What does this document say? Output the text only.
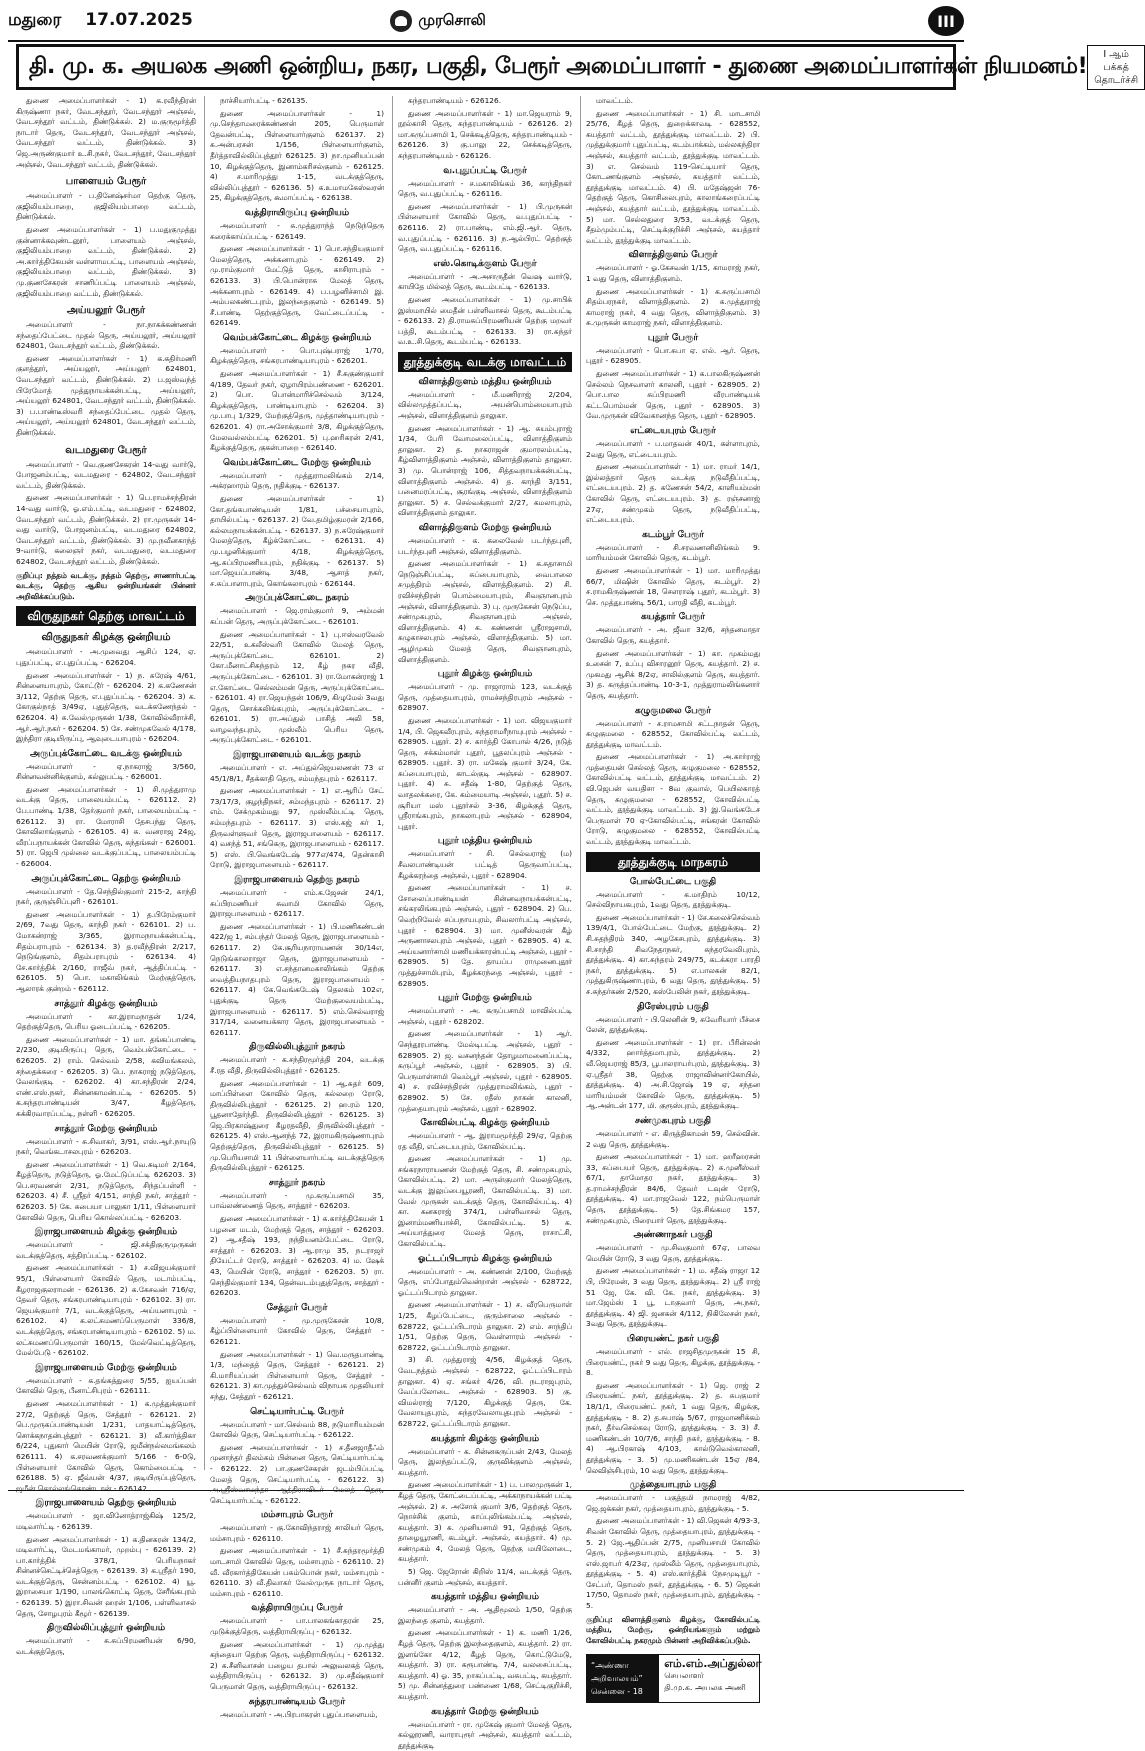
மதுரை 17.07.2025	முரசொலி	III
தி. மு. க. அயலக அணி ஒன்றிய, நகர, பகுதி, பேரூர் அமைப்பாளர் - துணை அமைப்பாளர்கள் நியமனம்!	I ஆம் பக்கத்
தொடர்ச்சி

துணை அமைப்பாளர்கள் - 1) க.ரவீந்திரன் கிருஷ்ணா நகர், வேடசந்தூர், வேடசந்தூர் அஞ்சல், வேடசந்தூர் வட்டம், திண்டுக்கல். 2) ம.குருமூர்த்தி நாடார் தெரு, வேடசந்தூர், வேடசந்தூர் அஞ்சல், வேடசந்தூர் வட்டம், திண்டுக்கல். 3) ஜெ.அருண்குமார் உ.சி.நகர், வேடசந்தூர், வேடசந்தூர் அஞ்சல், வேடசந்தூர் வட்டம், திண்டுக்கல்.

பாளையம் பேரூர்

அமைப்பாளர் - ப.தினேஷ்சர்மா தெற்கு தெரு, குஜிலியம்பாறை, குஜிலியம்பாறை வட்டம், திண்டுக்கல்.

துணை அமைப்பாளர்கள் - 1) ப.மதுகுமுத்து குன்னாக்கவுண்டனூர், பாளையம் அஞ்சல், குஜிலியம்பாறை வட்டம், திண்டுக்கல். 2) அ.கார்த்திகேயன் வள்ளாமபட்டி, பாளையம் அஞ்சல், குஜிலியம்பாறை வட்டம், திண்டுக்கல். 3) மு.குணசேகரன் சாணிப்பட்டி பாளையம் அஞ்சல், குஜிலியம்பாறை வட்டம், திண்டுக்கல்.

அய்யலூர் பேரூர்

அமைப்பாளர் - நா.நாகக்கண்ணன் சந்தைப்பேட்டை முதல் தெரு, அய்யலூர், அய்யலூர் 624801, வேடசந்தூர் வட்டம், திண்டுக்கல்.

துணை அமைப்பாளர்கள் - 1) க.கதிர்மணி குளத்தூர், அய்யலூர், அய்யலூர் 624801, வேடசந்தூர் வட்டம், திண்டுக்கல். 2) ப.ஜஸ்வந்த் பிரேமோத் முத்துநாயக்கன்பட்டி, அய்யலூர், அய்யலூர் 624801, வேடசந்தூர் வட்டம், திண்டுக்கல். 3) ப.பாண்டீஸ்வரி சந்தைப்பேட்டை முதல் தெரு, அய்யலூர், அய்யலூர் 624801, வேடசந்தூர் வட்டம், திண்டுக்கல்.

வடமதுரை பேரூர்

அமைப்பாளர் - வெ.குணசேகரன் 14-வது வார்டு, போஜனம்பட்டி, வடமதுரை - 624802, வேடசந்தூர் வட்டம், திண்டுக்கல்.

துணை அமைப்பாளர்கள் - 1) பெ.ராமச்சந்திரன் 14-வது வார்டு, ஓ.எம்.பட்டி, வடமதுரை - 624802, வேடசந்தூர் வட்டம், திண்டுக்கல். 2) ரா.முருகன் 14-வது வார்டு, போஜனம்பட்டி, வடமதுரை 624802, வேடசந்தூர் வட்டம், திண்டுக்கல். 3) மு.நவீனகாந்த் 9-வார்டு, கலைஞர் நகர், வடமதுரை, வடமதுரை 624802, வேடசந்தூர் வட்டம், திண்டுக்கல்.

குறிப்பு: நத்தம் வடக்கு, நத்தம் தெற்கு, சாணார்பட்டி வடக்கு, தெற்கு ஆகிய ஒன்றியங்கள் பின்னர் அறிவிக்கப்படும்.
விருதுநகர் தெற்கு மாவட்டம்
விருதுநகர் கிழக்கு ஒன்றியம்

அமைப்பாளர் - அ.முவைது ஆசிப் 124, ஏ. புதுப்பட்டி, எ.புதுப்பட்டி - 626204.

துணை அமைப்பாளர்கள் - 1) ந. சுரேஷ் 4/61, சின்னையாபுரம், கோட்டூர் - 626204. 2) க.கணேசன் 3/112, தெற்கு தெரு, எ.புதுப்பட்டி - 626204. 3) க. கோகுல்நாத் 3/49ஏ, புதுத்தெரு, வடக்கணேந்தல் - 626204. 4) சு.வேல்முருகன் 1/38, கோவில்வீராச்சி, ஆர்.ஆர்.நகர் - 626204. 5) சே. சண்முகவேல் 4/178, இந்திரா குடியிருப்பு, ஆவுடையாபுரம் - 626204.

அருப்புக்கோட்டை வடக்கு ஒன்றியம்

அமைப்பாளர் - ஏ.நாகராஜ் 3/560, சின்னவன்னிக்குளம், கல்லுபட்டி - 626001.

துணை அமைப்பாளர்கள் - 1) சி.முத்துராமு வடக்கு தெரு, பாலையம்பட்டி - 626112. 2) பே.பாண்டி 1/38, தேர்குமார் நகர், பாலையம்பட்டி - 626112. 3) ரா. மோராசி தேசபந்து தெரு, கோவிலாங்குளம் - 626105. 4) சு. வனராஜ 24ஜ, வீரப்பநாயக்கன் கோவில் தெரு, சுந்தங்கள் - 626001. 5) ரா. ஜெபி முல்லை வடக்குப்பட்டி, பாலையம்பட்டி - 626004.

அருப்புக்கோட்டை தெற்கு ஒன்றியம்

அமைப்பாளர் - தே.செந்தில்குமார் 215-2, காந்தி நகர், குருஞ்சிப்புளி - 626101.

துணை அமைப்பாளர்கள் - 1) த.பிரேம்குமார் 2/69, 7வது தெரு, காந்தி நகர் - 626101. 2) ப. மோகன்ராஜ் 3/365, இராமநாயக்கன்பட்டி, சிதம்பராபுரம் - 626134. 3) த.ரவீந்திரன் 2/217, நெடுங்குளம், சிதம்பராபுரம் - 626134. 4) சே.கார்த்திக் 2/160, ராஜீவ் நகர், ஆத்திப்பட்டி - 626105. 5) பொ. மகாலிங்கம் மேற்குத்தெரு, ஆலாரக் குன்றம் - 626112.

சாத்தூர் கிழக்கு ஒன்றியம்

அமைப்பாளர் - கா.இராமநாதன் 1/24, தெற்குத்தெரு, பெரிய ஓடைப்பட்டி - 626205.

துணை அமைப்பாளர்கள் - 1) மா. தங்கப்பாண்டி 2/230, குடியிருப்பு தெரு, வெம்பக்கோட்டை - 626205. 2) ராம். செல்வம் 2/58, கவிமங்கலம், சந்தைக்கரை - 626205. 3) பெ. நாகராஜ் நடுத்தெரு, வேலங்குடி - 626202. 4) கா.சந்திரன் 2/24, எண்.எஸ்.நகர், சின்னகாமன்பட்டி - 626205. 5) க.சுந்தரபாண்டியன் 3/47, கீழத்தெரு, சுக்கிரவாரப்பட்டி, நள்ளி - 626205.

சாத்தூர் மேற்கு ஒன்றியம்

அமைப்பாளர் - சு.சிவாகர், 3/91, எஸ்.ஆர்.நாயுடு நகர், வெங்கடாசலபுரம் - 626203.

துணை அமைப்பாளர்கள் - 1) வெ.சுடிமர் 2/164, கீழத்தெரு, நடுத்தெரு, ஓ.மேட்டுப்பட்டி 626203. 3) பெ.சரவணன் 2/31, நடுத்தெரு, சிந்தப்பள்ளி - 626203. 4) சீ. ஸ்ரீதர் 4/151, சாந்தி நகர், சாத்தூர் - 626203. 5) கே. சுபையா பாலுகா 1/11, பிள்ளையார் கோவில் தெரு, பெரிய கொல்லப்பட்டி - 626203.

இராஜபாளையம் கிழக்கு ஒன்றியம்

அமைப்பாளர் - ஜி.சக்திகுருமுருகன் வடக்குத்தெரு, சத்திரப்பட்டி - 626102.

துணை அமைப்பாளர்கள் - 1) ச.விஜயக்குமார் 95/1, பிள்ளையார் கோவில் தெரு, மடாம்பட்டி, கீழராஜகுலராமன் - 626136. 2) க.கேசவன் 716/ஏ, தேவர் தெரு, சங்கரபாண்டியாபுரம் - 626102. 3) ரா. ஜெயக்குமார் 7/1, வடக்குத்தெரு, அய்யனாபுரம் - 626102. 4) க.லட்சுமணப்பெருமாள் 336/8, வடக்குத்தெரு, சங்கரபாண்டியாபுரம் - 626102. 5) ம. லட்சுமணப்பெருமாள் 160/15, மேல்வெட்டித்தெரு, மேல்பேடு - 626102.

இராஜபாளையம் மேற்கு ஒன்றியம்

அமைப்பாளர் - க.தங்கத்துரை 5/55, ஐயப்பன் கோவில் தெரு, பீனாட்சிபுரம் - 626111.

துணை அமைப்பாளர்கள் - 1) க.முத்துக்குமார் 27/2, தெற்குத் தெரு, சேத்தூர் - 626121. 2) பெ.முருகப்பாண்டியன் 1/231, பாதயாட்டித்தெரு, சொக்கநாதன்புத்தூர் - 626121. 3) வீ.கார்த்திகா 6/224, புதுகார் மெயின் ரோடு, ஜமீன்நல்லமங்கலம் 626111. 4) க.சரவணக்குமார் 5/166 - 6-0டு, பிள்ளையார் கோவில் தெரு, கொம்மைபட்டி - 626188. 5) ஏ. ஜீவ்யன் 4/37, குடியிருப்புத்தெரு, ஜமீன் கொல்லங்கொண்டான் - 626142.

இராஜபாளையம் தெற்கு ஒன்றியம்

அமைப்பாளர் - ஜா.வினோத்ராஜ்கிஷ் 125/2, மடிவார்ட்டி - 626139.

துணை அமைப்பாளர்கள் - 1) க.தினகரன் 134/2, மடிவார்ட்டி, மேடமங்காமர், முறம்பு - 626139. 2) பா.கார்த்திக் 378/1, பெரியநாகர் சின்னச்செட்டிச்செத்தெரு - 626139. 3) க.ஸ்ரீதர் 190, வடக்குத்தெரு, சென்னம்பட்டி - 626102. 4) யூ. இராசையா 1/190, பாலங்கொட்டி தெரு, சேரீங்கபுரம் - 626139. 5) இரா.சிவன் ஹரன் 1/106, பள்ளிவாசல் தெரு, சோழபுரம் கீழூர் - 626139.

திருவில்லிப்புத்தூர் ஒன்றியம்

அமைப்பாளர் - சு.சுப்பிரமணியன் 6/90, வடக்குத்தெரு,

நாச்சியார்பட்டி - 626135.

துணை அமைப்பாளர்கள் - 1) மு.செந்தாமரைக்கண்ணன் 205, பெருமாள் தேவன்பட்டி, பிள்ளையார்குளம் 626137. 2) சு.அன்பரசன் 1/156, பிள்ளையார்குளம், தீர்த்தாவில்லிப்புத்தூர் 626125. 3) நா.முனியப்பன் 10, கிழக்குத்தெரு, இனாம்கரிசல்குளம் - 626125. 4) ச.மாரிமுத்து 1-15, வடக்குத்தெரு, வில்லிப்புத்தூர் - 626136. 5) க.உமாமகேஸ்வரன் 25, கிழக்குத்தெரு, கூமாப்பட்டி - 626138.

வத்திராயிருப்பு ஒன்றியம்

அமைப்பாளர் - சு.முத்துராந்த் நெடுந்தெரு சுரைக்காய்ப்பட்டி - 626149.

துணை அமைப்பாளர்கள் - 1) பொ.சந்தியகுமார் மேலத்தெரு, அக்கனாபுரம் - 626149. 2) மு.ராம்குமார் மேட்டுத் தெரு, காசிராபுரம் - 626133. 3) பி.பொன்ராசு மேலத் தெரு, அக்கனாபுரம் - 626149. 4) ப.பழனிச்சாமி இ. அம்பலகண்டபுரம், இலந்தைகுளம் - 626149. 5) சீ.பாண்டி தெற்குத்தெரு, வேட்டைப்பட்டி - 626149.

வெம்பக்கோட்டை கிழக்கு ஒன்றியம்

அமைப்பாளர் - பொ.புஷ்பராஜ் 1/70, கிழக்குத்தெரு, சங்கரபாண்டியாபுரம் - 626201.

துணை அமைப்பாளர்கள் - 1) சீ.சுகுண்குமார் 4/189, தேவர் நகர், ஏழாயிரம்பண்ணை - 626201. 2) பொ. பொன்மாரிச்செல்வம் 3/124, கிழக்குத்தெரு, பாண்டியாபுரம் - 626204. 3) மு.பாபு 1/329, மேற்குத்தெரு, முத்தாண்டியாபுரம் - 626201. 4) ரா.அசோக்குமார் 3/8, கிழக்குத்தெரு, மேலவல்லம்பட்டி 626201. 5) பு.ஹரிகரன் 2/41, கீழக்குத்தெரு, குகன்பாறை - 626140.

வெம்பக்கோட்டை மேற்கு ஒன்றியம்

அமைப்பாளர் - முத்துராமலிங்கம் 2/14, அக்ரஹாரம் தெரு, நதிக்குடி - 626137.

துணை அமைப்பாளர்கள் - 1) கோ.தங்கபாண்டியன் 1/81, பச்சையாபுரம், தாயில்பட்டி - 626137. 2) வே.தமிழ்குமரன் 2/166, கல்லமநாயக்கன்பட்டி - 626137. 3) ந.சுரேஷ்குமார் மேலத்தெரு, கீழ்க்கோட்டை - 626131. 4) மு.பழனிக்குமார் 4/18, கிழக்குத்தெரு, ஆ.சுப்பிரமணியபுரம், நதிக்குடி - 626137. 5) மா.ஜெயப்பாண்டி 3/48, ஆசாத் நகர், ச.சுப்பாளாபுரம், கொங்கலாபுரம் - 626144.

அருப்புக்கோட்டை நகரம்

அமைப்பாளர் - ஜெ.ராம்குமார் 9, அம்மன் கப்பன் தெரு, அருப்புக்கோட்டை - 626101.

துணை அமைப்பாளர்கள் - 1) பு.ஈஸ்வரவேல் 22/51, உகலீஸ்வரி கோவில் மேலத் தெரு, அருப்புக்கோட்டை 626101. 2) கோ.மீனாட்சிசுந்தரம் 12, கீழ் நகர வீதி, அருப்புக்கோட்டை - 626101. 3) ரா.மோகன்ராஜ் 1 எ.கோட்டை செல்லம்மன் தெரு, அருப்புக்கோட்டை - 626101. 4) ரா.ஜெயந்தன் 106/9, கிழுமேல் 3வது தெரு, சொக்கலிங்கபுரம், அருப்புக்கோட்டை - 626101. 5) ரா.அப்துல் பாசித் அலி 58, வாழவந்தபுரம், முஸ்லீம் பெரிய தெரு, அருப்புக்கோட்டை - 626101.

இராஜபாளையம் வடக்கு நகரம்

அமைப்பாளர் - எ. அப்துல்ஜெயலணன் 73 எ 45/1/8/1, சீதக்காதி தெரு, சம்மந்தபுரம் - 626117.

துணை அமைப்பாளர்கள் - 1) எ.ஆரிப் சேட் 73/17/3, குழந்திநகர், சம்மந்தபுரம் - 626117. 2) எம். சேக்முகம்மது 97, முஸ்லீம்பட்டி தெரு, சம்மந்தபுரம் - 626117. 3) எஸ்.கஜ் கர் 1, திருவள்ளுவர் தெரு, இராஜபாளையம் - 626117. 4) வசந்த் 51, சங்கெரு, இராஜபாளையம் - 626117. 5) எஸ். பி.வெங்கடேஷ் 977எ/474, தென்காசி ரோடு, இராஜபாளையம் - 626117.

இராஜபாளையம் தெற்கு நகரம்

அமைப்பாளர் - எம்.க.ஜேசன் 24/1, சுப்பிரமணியர் சுவாமி கோவில் தெரு, இராஜபாளையம் - 626117.

துணை அமைப்பாளர்கள் - 1) பி.மணிகண்டன் 422/ஜ 1, சம்பந்தர் மேலத் தெரு, இராஜபாளையம் - 626117. 2) கே.சூரியநாராயணன் 30/14எ, நெடுங்காலராஜா தெரு, இராஜபாளையம் - 626117. 3) எ.சந்தானமகாலிங்கம் தெற்கு வைத்தியநாதபுரம் தெரு, இராஜபாளையம் - 626117. 4) கே.வெங்கடேஷ் தெலகம் 102எ, புதுக்குடி தெரு மேற்குவையம்பட்டி, இராஜபாளையம் - 626117. 5) எம்.செல்வராஜ் 317/14, வனையக்கார தெரு, இராஜபாளையம் - 626117.

திருவில்லிபுத்தூர் நகரம்

அமைப்பாளர் - க.சந்திரமூர்த்தி 204, வடக்கு சீ.ரத வீதி, திருவில்லிபுத்தூர் - 626125.

துணை அமைப்பாளர்கள் - 1) ஆ.சுதர் 609, மாப்பிள்ளை கோவில் தெரு, கல்லறை ரோடு, திருவில்லிபுத்தூர் - 626125. 2) ஹ.ரம் 120, பூதனாதேர்ந்தி. திருவில்லிபுத்தூர் - 626125. 3) ஜெ.பிரகாஷ்துரை கீழரதவீதி, திருவில்லிபுத்தூர் - 626125. 4) எஸ்.ஆனந்த் 72, இராமகிருஷ்ணாபுரம் தெற்குத்தெரு, திருவில்லிபுத்தூர் - 626125. 5) மு.பெரியசாமி 11 பிள்ளையார்பட்டி வடக்குத்தெரு திருவில்லிபுத்தூர் - 626125.

சாத்தூர் நகரம்

அமைப்பாளர் - மு.கருப்பசாமி 35, பாவ்லண்ணைத் தெரு, சாத்தூர் - 626203.

துணை அமைப்பாளர்கள் - 1) க.கார்த்திகேயன் 1 பழனை மடம், மேற்குத் தெரு, சாத்தூர் - 626203. 2) ஆ.சதீஷ் 193, நந்தியனம்பேட்டை ரோடு, சாத்தூர் - 626203. 3) ஆ.ராமு 35, நடராஜர் தியேட்டர் ரோடு, சாத்தூர் - 626203. 4) ம. ஷேக் 43, மெயின் ரோடு, சாத்தூர் - 626203. 5) ரா. செந்தில்குமார் 134, தென்வடம்புதுத்தெரு, சாத்தூர் - 626203.

சேத்தூர் பேரூர்

அமைப்பாளர் - மு.முருகேசன் 10/8, கீழ்ப்பிள்ளையார் கோவில் தெரு, சேத்தூர் - 626121.

துணை அமைப்பாளர்கள் - 1) வெ.மருதபாண்டி 1/3, மந்தைத் தெரு, சேத்தூர் - 626121. 2) கி.மாரியப்பன் பிள்ளையார் தெரு, சேத்தூர் - 626121. 3) கா.முத்துச்செல்வம் விநாயக முதலியார் சந்து, சேத்தூர் - 626121.

செட்டியார்பட்டி பேரூர்

அமைப்பாளர் - மா.செல்வம் 88, நடுமாரியம்மன் கோவில் தெரு, செட்டியார்பட்டி - 626122.

துணை அமைப்பாளர்கள் - 1) ச.தீனஜாதீஃம் முனாந்தர் திலம்கம் பின்னை தெரு, செட்டியார்பட்டி - 626122. 2) பா.குணசேகரன் ஜடம்பிப்பட்டி மேலத் தெரு, செட்டியார்பட்டி - 626122. 3) அ.ஸ்ரீஸ்வாமந்தா ஆத்திராவிடர் மேலத் தெரு, செட்டியார்பட்டி - 626122.

மம்சாபுரம் பேரூர்

அமைப்பாளர் - கு.கோவிந்தராஜ் சாலியர் தெரு, மம்சாபுரம் - 626110.

துணை அமைப்பாளர்கள் - 1) சீ.சுந்தரமூர்த்தி மாடசாமி கோவில் தெரு, மம்சாபுரம் - 626110. 2) வீ. வீரகார்த்திகேயன் பசும்பொன் நகர், மம்சாபுரம் - 626110. 3) வீ.திவாகர் வேல்முருக நாடார் தெரு, மம்சாபுரம் - 626110.

வத்திராயிருப்பு பேரூர்

அமைப்பாளர் - பா.பாலகங்காதரன் 25, முடுக்குத்தெரு, வத்திராயிருப்பு - 626132.

துணை அமைப்பாளர்கள் - 1) மு.முத்து கந்தையா தெற்கு தெரு, வத்திராயிருப்பு - 626132. 2) சு.சீனிவாசன் பழைய தபால் அலுவலகத் தெரு, வத்திராயிருப்பு - 626132. 3) மு.சதீஷ்குமார் பெருமாள் தெரு, வத்திராயிருப்பு - 626132.

சுந்தரபாண்டியம் பேரூர்

அமைப்பாளர் - அ.பிரபாகரன் புதுப்பாளையம்,

சுந்தரபாண்டியம் - 626126.

துணை அமைப்பாளர்கள் - 1) மா.ஜெயராம் 9, நூல்காசி தெரு, சுந்தரபாண்டியம் - 626126. 2) மா.கருப்பசாமி 1, செக்கடித்தெரு, சுந்தரபாண்டியம் - 626126. 3) கு.பாலு 22, செக்கடித்தெரு, சுந்தரபாண்டியம் - 626126.

வ.புதுப்பட்டி பேரூர்

அமைப்பாளர் - ச.மகாலிங்கம் 36, காந்திநகர் தெரு, வ.புதுப்பட்டி - 626116.

துணை அமைப்பாளர்கள் - 1) பி.முருகன் பிள்ளையார் கோவில் தெரு, வ.புதுப்பட்டி - 626116. 2) ரா.பாண்டி, எம்.ஜி.ஆர். தெரு, வ.புதுப்பட்டி - 626116. 3) ந.ஆல்பிரட் தெற்குத் தெரு, வ.புதுப்பட்டி - 626116.

எஸ்.கொடிக்குளம் பேரூர்

அமைப்பாளர் - அ.அசாருதீன் வெஷ வார்டு, காயிதே மில்லத் தெரு, கூடம்பட்டி - 626133.

துணை அமைப்பாளர்கள் - 1) மு.சாபிக் இஸ்மாயில் மைதீன் பள்ளிவாசல் தெரு, கூடம்பட்டி - 626133. 2) தி.ராமசுப்பிரமணியன் தெற்கு மறவர் பத்தி, கூடம்பட்டி - 626133. 3) ரா.சுந்தர் வ.உ.சி.தெரு, கூடம்பட்டி - 626133.

தூத்துக்குடி வடக்கு மாவட்டம்
விளாத்திகுளம் மத்திய ஒன்றியம்

அமைப்பாளர் - மீ.மணிராஜ் 2/204, வில்லமுத்தப்பட்டி, அயன்பொம்மையாபுரம் அஞ்சல், விளாத்திகுளம் தாலுகா.

துணை அமைப்பாளர்கள் - 1) ஆ. சுயம்புராஜ் 1/34, பேரி வோமலைப்பட்டி, விளாத்திகுளம் தாலுகா. 2) த. நாகராஜன் குமாரலம்பட்டி, கீழ்விளாத்திகுளம் அஞ்சல், விளாத்திகுளம் தாலுகா. 3) மு. பொன்ராஜ் 106, சித்தவநாயக்கன்பட்டி, விளாத்திகுளம் அஞ்சல். 4) த. காந்தி 3/151, பனைமரப்பட்டி, சூரங்குடி அஞ்சல், விளாத்திகுளம் தாலுகா. 5) ச. செல்வக்குமார் 2/27, கமலாபுரம், விளாத்திகுளம் தாலுகா.

விளாத்திகுளம் மேற்கு ஒன்றியம்

அமைப்பாளர் - க. கலைவேல் படர்ந்தபுளி, படர்ந்தபுளி அஞ்சல், விளாத்திகுளம்.

துணை அமைப்பாளர்கள் - 1) க.சுதாசாமி நெடுஞ்சிப்பட்டி, சுப்பையாபுரம், வைபாலை சமுத்திரம் அஞ்சல், விளாத்திகுளம். 2) சி. ரவிச்சந்திரன் பொம்மையாபுரம், சிவஞானபுரம் அஞ்சல், விளாத்திகுளம். 3) பு. முருகேசன் நெடுப்ப, சண்முகபுரம், சிவஞானபுரம் அஞ்சல், விளாத்திகுளம். 4) க. கண்ணன் ஸ்ரீராஜசாமி, கழுகாசலபுரம் அஞ்சல், விளாத்திகுளம். 5) மா. ஆழிமுகம் மேலத் தெரு, சிவஞானபுரம், விளாத்திகுளம்.

புதூர் கிழக்கு ஒன்றியம்

அமைப்பாளர் - மு. ராஜாராம் 123, வடக்குத் தெரு, முத்தையாபுரம், ராமச்சந்திரபுரம் அஞ்சல் - 628907.

துணை அமைப்பாளர்கள் - 1) மா. விஜயகுமார் 1/4, பி. ஜெகவீரபுரம், சுந்தராமரீநாயுபுரம் அஞ்சல் - 628905. புதூர். 2) ச. கார்த்தி கோபால் 4/26, நடுத் தெரு, சக்கம்மாள் புதூர், பூதலப்புரம் அஞ்சல் - 628905. புதூர். 3) ரா. மகேஷ் குமார் 3/24, கே. சுப்பையாபுரம், காடல்குடி அஞ்சல் - 628907. புதூர். 4) சு. சதீஷ் 1-80, தெற்குத் தெரு, வாதலக்கரை, கே. கம்மையாடி அஞ்சல், புதூர். 5) ச. சூரியா மஸ் புதூர்சல் 3-36, கிழக்குத் தெரு, ஸ்ரீராங்கபுரம், நாகலாபுரம் அஞ்சல் - 628904, புதூர்.

புதூர் மத்திய ஒன்றியம்

அமைப்பாளர் - சி. செல்வராஜ் (ம) சீவலபாண்டியன் பட்டித் தெருவாப்பட்டி, கீழக்கரந்தை அஞ்சல், புதூர் - 628904.

துணை அமைப்பாளர்கள் - 1) ச. சோலைப்பாண்டியன் சின்னவநாயக்கன்பட்டி, சங்கரலிங்கபுரம் அஞ்சல், புதூர் - 628904. 2) பெ. வெற்றிவேல் சப்பநாயபுரம், சிவலார்பட்டி அஞ்சல், புதூர் - 628904. 3) மா. முனீஸ்வரன் கீழ் அருணாசலபுரம் அஞ்சல், புதூர் - 628905. 4) க. அய்யனார்சாமி மணியக்காரன்பட்டி அஞ்சல், புதூர் - 628905. 5) தே. தாயப்ப ராமுனைபுதூர் முத்துச்சாமிபுரம், கீழக்கரந்தை அஞ்சல், புதூர் - 628905.

புதூர் மேற்கு ஒன்றியம்

அமைப்பாளர் - அ. கருப்பசாமி மாவில்பட்டி அஞ்சல், புதூர் - 628202.

துணை அமைப்பாளர்கள் - 1) ஆர். செந்தூரபாண்டி மேல்டிபட்டி அஞ்சல், புதூர் - 628905. 2) ஜ. வசனந்தன் தோழமாமனைப்பட்டி, கருப்பூர் அஞ்சல், புதூர் - 628905. 3) பி. பெருமாள்சாமி வெம்பூர் அஞ்சல், புதூர் - 628905. 4) ச. ரவிச்சந்திரன் முத்துராமலிங்கம், புதூர் - 628902. 5) சே. ரதீஸ் நாகன் காலனி, முத்தையாபுரம் அஞ்சல், புதூர் - 628902.

கோவில்பட்டி கிழக்கு ஒன்றியம்

அமைப்பாளர் - ஆ. இராமமூர்த்தி 29/ஏ, தெற்கு ரத வீதி, எட்டையபுரம், கோவில்பட்டி.

துணை அமைப்பாளர்கள் - 1) மு. சங்கரநாராயணன் மேற்குத் தெரு, சி. சண்முகபுரம், கோவில்பட்டி. 2) மா. அருள்குமார் மேலத்தெரு, வடக்கு இலுப்பையூரணி, கோவில்பட்டி. 3) மா. வேல் முருகன் வடக்குத் தெரு, கோவில்பட்டி. 4) கா. கனகராஜ் 374/1, பள்ளிவாசல் தெரு, இனாம்மணியாச்சி, கோவில்பட்டி. 5) க. அய்யாத்துரை மேலத் தெரு, ராசாட்சி, கோவில்பட்டி.

ஓட்டப்பிடாரம் கிழக்கு ஒன்றியம்

அமைப்பாளர் - அ. கண்ணன் 2/100, மேற்குத் தெரு, எப்போதும்வென்றான் அஞ்சல் - 628722, ஓட்டப்பிடாரம் தாலுகா.

துணை அமைப்பாளர்கள் - 1) ச. வீரபெருமாள் 1/25, கீழப்பேட்டை, குரும்சாலை அஞ்சல் - 628722, ஓட்டப்பிடாரம் தாலுகா. 2) எம். சாந்திப் 1/51, தெற்கு தெரு, வெள்ளாரம் அஞ்சல் - 628722, ஓட்டப்பிடாரம் தாலுகா.

3) சி. முத்துராஜ் 4/56, கிழக்குத் தெரு, வேடநத்தம் அஞ்சல் - 628722, ஓட்டப்பிடாரம் தாலுகா. 4) ஏ. சங்கர் 4/26, வி. நடராஜபுரம், வேப்பலோடை அஞ்சல் - 628903. 5) கு. விமல்ராஜ் 7/120, கிழக்குத் தெரு, கே. வேலாயுதபுரம், சுந்தரவேலாயுதபுரம் அஞ்சல் - 628722, ஓட்டப்பிடாரம் தாலுகா.

கயத்தார் கிழக்கு ஒன்றியம்

அமைப்பாளர் - க. சின்னகருப்பன் 2/43, மேலத் தெரு, இலந்தப்பட்டு, குருவிக்குளம் அஞ்சல், கயத்தார்.

துணை அமைப்பாளர்கள் - 1) ப. பாலமுருகன் 1, கீழத் தெரு, கோட்டைப்பட்டி, அக்காநாயக்கன் பட்டி அஞ்சல். 2) ச. அசோக் குமார் 3/6, தெற்குத் தெரு, நொச்சிக் குளம், காப்புலிங்கம்பட்டி அஞ்சல், கயத்தார். 3) சு. முனியசாமி 91, தெற்குத் தெரு, தாழையூரணி, கடம்பூர். அஞ்சல், கயத்தார். 4) மு. சண்முகம் 4, மேலத் தெரு, தெற்கு மயிலோடை, கயத்தார்.

5) ஜெ. ஜேரோன் கிறிஸ் 11/4, வடக்குத் தெரு, பன்னீர் குளம் அஞ்சல், கயத்தார்.

கயத்தார் மத்திய ஒன்றியம்

அமைப்பாளர் - அ. ஆதிமூலம் 1/50, தெற்கு இலந்தை குளம், கயத்தார்.

துணை அமைப்பாளர்கள் - 1) க. மணி 1/26, கீழத் தெரு, தெற்கு இலந்தைகுளம், கயத்தார். 2) ரா. இளங்கோ 4/12, கீழத் தெரு, கொட்டுமேடு, கயத்தார். 3) ரா. கரூபாண்டி 7/4, வலசைப்பட்டி, கயத்தார். 4) ஓ. 35, றாகப்பட்டி, வசுபட்டி, கயத்தார். 5) மு. சின்னத்துரை பண்ணை 1/68, செட்டிகுறிச்சி, கயத்தார்.

கயத்தார் மேற்கு ஒன்றியம்

அமைப்பாளர் - ரா. முகேஷ் குமார் மேலத் தெரு, கல்லூரணி, வாராபுரூர் அஞ்சல், கயத்தார் வட்டம், தூத்துக்குடி

மாவட்டம்.

துணை அமைப்பாளர்கள் - 1) சி. மாடசாமி 25/76, கீழத் தெரு, துறைக்காவடி - 628552, கயத்தார் வட்டம், தூத்துக்குடி மாவட்டம். 2) பி. முத்துக்குமார் புதுப்பட்டி, கடம்பாக்கம், மல்லகந்திரா அஞ்சல், கயத்தார் வட்டம், தூத்துக்குடி மாவட்டம். 3) எ. செல்வம் 119-செட்டியார் தெரு, கோடணங்குளம் அஞ்சல், கயத்தார் வட்டம், தூத்துக்குடி மாவட்டம். 4) பி. மதேஷ்ஜன் 76-தெற்குத் தெரு, கொசிலைபுரம், காலாங்கரைப்பட்டி அஞ்சல், கயத்தார் வட்டம், தூத்துக்குடி மாவட்டம். 5) மா. செல்லதுரை 3/53, வடக்குத் தெரு, சீதம்மும்பட்டி, செட்டிக்குறிச்சி அஞ்சல், கயத்தார் வட்டம், தூத்துக்குடி மாவட்டம்.

விளாத்திகுளம் பேரூர்

அமைப்பாளர் - ஓ.கேசவன் 1/15, காமராஜ் நகர், 1 வது தெரு, விளாத்திகுளம்.

துணை அமைப்பாளர்கள் - 1) க.சுருப்பசாமி சிதம்பரநகர், விளாத்திகுளம். 2) க.முத்துராஜ் காமராஜ் நகர், 4 வது தெரு, விளாத்திகுளம். 3) சு.முருகன் காமராஜ் நகர், விளாத்திகுளம்.

புதூர் பேரூர்

அமைப்பாளர் - பொ.சுபா ஏ. எல். ஆர். தெரு, புதூர் - 628905.

துணை அமைப்பாளர்கள் - 1) க.பாலகிருஷ்ணன் செல்லம் நெசவாளர் காலனி, புதூர் - 628905. 2) பொ.பால சுப்பிரமணி வீரபாண்டியக் கட்டபொம்மன் தெரு, புதூர் - 628905. 3) வே.முருகன் விவேகானந்த தெரு, புதூர் - 628905.

எட்டையபுரம் பேரூர்

அமைப்பாளர் - ப.மாதவன் 40/1, கள்ளாபுரம், 2வது தெரு, எட்டையபுரம்.

துணை அமைப்பாளர்கள் - 1) மா. ராமர் 14/1, இல்லத்தார் தெரு வடக்கு நடுவீதிப்பட்டி, எட்டையபுரம். 2) த. கணேசன் 54/2, காளியம்மன் கோவில் தெரு, எட்டையபுரம். 3) த. ரஞ்சனாஜ் 27ஏ, சண்முகம் தெரு, நடுவீதிப்பட்டி, எட்டையபுரம்.

கடம்பூர் பேரூர்

அமைப்பாளர் - சி.சரவணனிலிங்கம் 9. மாரியம்மன் கோவில் தெரு, கடம்பூர்.

துணை அமைப்பாளர்கள் - 1) மா. மாரிமுத்து 66/7, மிஷின் கோவில் தெரு, கடம்பூர். 2) ச.ராமகிருஷ்ணன் 18, சௌராஷ் புதூர், கடம்பூர். 3) செ. முத்துபாண்டி 56/1, பாரதி வீதி, கடம்பூர்.

கயத்தார் பேரூர்

அமைப்பாளர் - அ. ஜீவா 32/6, சந்தனமாதா கோவில் தெரு, கயத்தார்.

துணை அமைப்பாளர்கள் - 1) கா. முகம்மது உசைன் 7, உப்பு விசாரனூர் தெரு, கயத்தார். 2) ச. முகமது ஆசிக் 8/2ஏ, சாலில்குளம் தெரு, கயத்தார். 3) த. கருத்தப்பாண்டி 10-3-1, முத்துராமலிங்கனார் தெரு, கயத்தார்.

கழுகுமலை பேரூர்

அமைப்பாளர் - ச.ராமசாமி சட்டநாதன் தெரு, கழுகுமலை - 628552, கோவில்பட்டி வட்டம், தூத்துக்குடி மாவட்டம்.

துணை அமைப்பாளர்கள் - 1) அ.கார்ராஜ் முத்தையன் செல்லத் தெரு, கழுகுமலை - 628552, கோவில்பட்டி வட்டம், தூத்துக்குடி மாவட்டம். 2) வி.ஜெபன் வயதிசா - 8வ குவால், பெயிலகாரத் தெரு, கழுகுமலை - 628552, கோவில்பட்டி வட்டம், தூத்துக்குடி மாவட்டம். 3) இ.வெங்கடேச பெருமாள் 70 ஏ-கோவில்பட்டி, சங்கரன் கோவில் ரோடு, கழுகுமலை - 628552, கோவில்பட்டி வட்டம், தூத்துக்குடி மாவட்டம்.

தூத்துக்குடி மாநகரம்
போல்பேட்டை பகுதி

அமைப்பாளர் - க.மாதிரம் 10/12, செல்விநாயகபுரம், 1வது தெரு, தூத்துக்குடி.

துணை அமைப்பாளர்கள் - 1) சே.கலைச்செல்வம் 139/4/1, போல்பேட்டை மேற்கு, தூத்துக்குடி. 2) சி.சுதந்திரம் 340, அழகேசபுரம், தூத்துக்குடி. 3) சி.சாந்தி சிவநேதாநகர், சுந்தரவேலிபுரம், தூத்துக்குடி. 4) கா.சுந்தரம் 249/75, கடக்கரா பாரதி நகர், தூத்துக்குடி. 5) எ.பாலகன் 82/1, முத்துகிருஷ்ணாபுரம், 6 வது தெரு, தூத்துக்குடி. 5) ச.சுந்தர்கண் 2/520, கஸ்பேலின் நகர், தூத்துக்குடி.

திரேஸ்புரம் பகுதி

அமைப்பாளர் - பி.லெனின் 9, சுவேரியார் பீச்சை லேன், தூத்துக்குடி.

துணை அமைப்பாளர்கள் - 1) ரா. பீரின்லன் 4/332, ஹார்த்தமாபுரம், தூத்துக்குடி. 2) வீ.ஜெயராஜ் 85/3, பூபாலராயர்புரம், தூத்துக்குடி. 3) ஏ.ஸ்ரீதர் 38, தெற்கு ராஜாவின்னர்கோயில், தூத்துக்குடி. 4) அ.சி.ஜோஷ் 19 ஏ, சந்தன மாரியம்மன் கோவில் தெரு, தூத்துக்குடி. 5) ஆ.அன்டன் 177, மி. குரூஸ்புரம், தூத்துக்குடி.

சண்முகபுரம் பகுதி

அமைப்பாளர் - எ. கிருத்திகாமன் 59, செல்வின். 2 வது தெரு, தூத்துக்குடி.

துணை அமைப்பாளர்கள் - 1) மா. ஹரீஹரசன் 33, சுப்பையர் தெரு, தூத்துக்குடி. 2) சு.முனீஸ்வர் 67/1, தாமோதர நகர், தூத்துக்குடி. 3) த.ராமச்சந்திரன் 84/6, தேவர் டவுன் ரோடு, தூத்துக்குடி. 4) மா.ராஜவேல் 122, நம்பெருமாள் தெரு, தூத்துக்குடி. 5) தே.சிங்கமர 157, சண்முகபுரம், பிரையார் தெரு, தூத்துக்குடி.

அண்ணாநகர் பகுதி

அமைப்பாளர் - மு.சிவகுமார் 67ஏ, பாலவ மெயின் ரோடு, 3 வது தெரு, தூத்துக்குடி.

துணை அமைப்பாளர்கள் - 1) ம. சதீஷ் ராஜா 12 பி, பிரேமன், 3 வது தெரு, தூத்துக்குடி. 2) ஸ்ரீ ராஜ் 51 ஜே, கே. வி. கே. நகர், தூத்துக்குடி. 3) மா.ஜேம்ஸ் 1 பூ, டாகுவார் தெரு, அ.நகர், தூத்துக்குடி. 4) ஜி. ஜனகன் 4/112, நிகிலேசன் நகர், 3வது தெரு, தூத்துக்குடி.

பிரையண்ட் நகர் பகுதி

அமைப்பாளர் - எல். ராஜசிதமுருகன் 15 சி, பிரையண்ட், நகர் 9 வது தெரு, கிழக்கு, தூத்துக்குடி - 8.

துணை அமைப்பாளர்கள் - 1) ஜெ. ராஜ் 2 பிரையண்ட் நகர், தூத்துக்குடி. 2) த. சுபகுமார் 18/1/1, பிரையண்ட் நகர், 1 வது தெரு, கிழக்கு, தூத்துக்குடி - 8. 2) த.சுபாஷ் 5/67, ராஜமாணிக்கம் நகர், தீர்வசெல்கவு ரோடு, தூத்துக்குடி - 3. 3) சீ. மணிகண்டன் 10/7/6, சாந்தி நகர், தூத்துக்குடி - 8. 4) ஆ.பிரகாஷ் 4/103, கால்டுவெல்காலனி, தூத்துக்குடி - 3. 5) மு.மணிகண்டன் 15ஏ /84, லெவிஞ்சிபுரம், 10 வது தெரு, தூத்துக்குடி.

முத்தையாபுரம் பகுதி

அமைப்பாளர் - பகுத்தமி நாமராஜ் 4/82, ஜெ.ஜக்கன் நகர், முத்தையாபுரம், தூத்துக்குடி - 5.

துணை அமைப்பாளர்கள் - 1) வி.ஜெகன் 4/93-3, சிவன் கோவில் தெரு, முத்தையாபுரம், தூத்துக்குடி - 5. 2) ஜே.ஆதிப்பன் 2/75, முனியசாமி கோவில் தெரு, முத்தையாபுரம், தூத்துக்குடி - 5. 3) எஸ்.ஜாபர் 4/23ஏ, முஸ்லீம் தெரு, முத்தையாபுரம், தூத்துக்குடி - 5. 4) எஸ்.கார்த்திக் நேசமுடியூர் - சேட்பர், தொமஸ் நகர், தூத்துக்குடி - 6. 5) ஜெகன் 17/50, தொமஸ் நகர், முத்தையாபுரம், தூத்துக்குடி - 5.

குறிப்பு: விளாத்திகுளம் கிழக்கு, கோவில்பட்டி மத்திய, மேற்கு, ஒன்றியங்களும் மற்றும் கோவில்பட்டி நகரமும் பின்னர் அறிவிக்கப்படும்.
“அண்ணா அறிவாலயம்” சென்னை - 18
எம்.எம்.அப்துல்லா
செயலாளர்
தி.மு.க. அயலக அணி
